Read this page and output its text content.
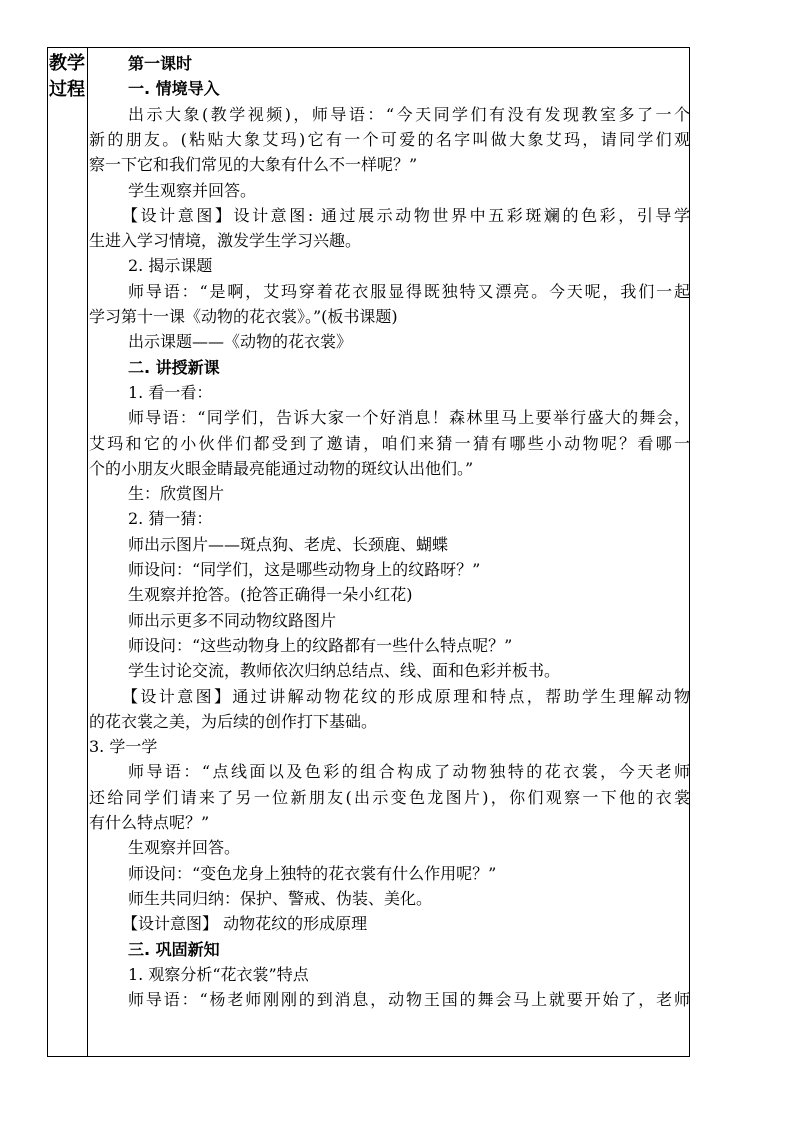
教学
过程
第一课时
一. 情境导入
出示大象(教学视频)，师导语：“今天同学们有没有发现教室多了一个
新的朋友。(粘贴大象艾玛)它有一个可爱的名字叫做大象艾玛，请同学们观
察一下它和我们常见的大象有什么不一样呢？”
学生观察并回答。
【设计意图】设计意图: 通过展示动物世界中五彩斑斓的色彩，引导学
生进入学习情境，激发学生学习兴趣。
2. 揭示课题
师导语：“是啊，艾玛穿着花衣服显得既独特又漂亮。今天呢，我们一起
学习第十一课《动物的花衣裳》。”(板书课题)
出示课题——《动物的花衣裳》
二. 讲授新课
1. 看一看：
师导语：“同学们，告诉大家一个好消息！森林里马上要举行盛大的舞会，
艾玛和它的小伙伴们都受到了邀请，咱们来猜一猜有哪些小动物呢？看哪一
个的小朋友火眼金睛最亮能通过动物的斑纹认出他们。”
生：欣赏图片
2. 猜一猜：
师出示图片——斑点狗、老虎、长颈鹿、蝴蝶
师设问：“同学们，这是哪些动物身上的纹路呀？”
生观察并抢答。(抢答正确得一朵小红花)
师出示更多不同动物纹路图片
师设问：“这些动物身上的纹路都有一些什么特点呢？”
学生讨论交流，教师依次归纳总结点、线、面和色彩并板书。
【设计意图】通过讲解动物花纹的形成原理和特点，帮助学生理解动物
的花衣裳之美，为后续的创作打下基础。
3. 学一学
师导语：“点线面以及色彩的组合构成了动物独特的花衣裳，今天老师
还给同学们请来了另一位新朋友(出示变色龙图片)，你们观察一下他的衣裳
有什么特点呢？”
生观察并回答。
师设问：“变色龙身上独特的花衣裳有什么作用呢？”
师生共同归纳：保护、警戒、伪装、美化。
【设计意图】 动物花纹的形成原理
三. 巩固新知
1. 观察分析“花衣裳”特点
师导语：“杨老师刚刚的到消息，动物王国的舞会马上就要开始了，老师
